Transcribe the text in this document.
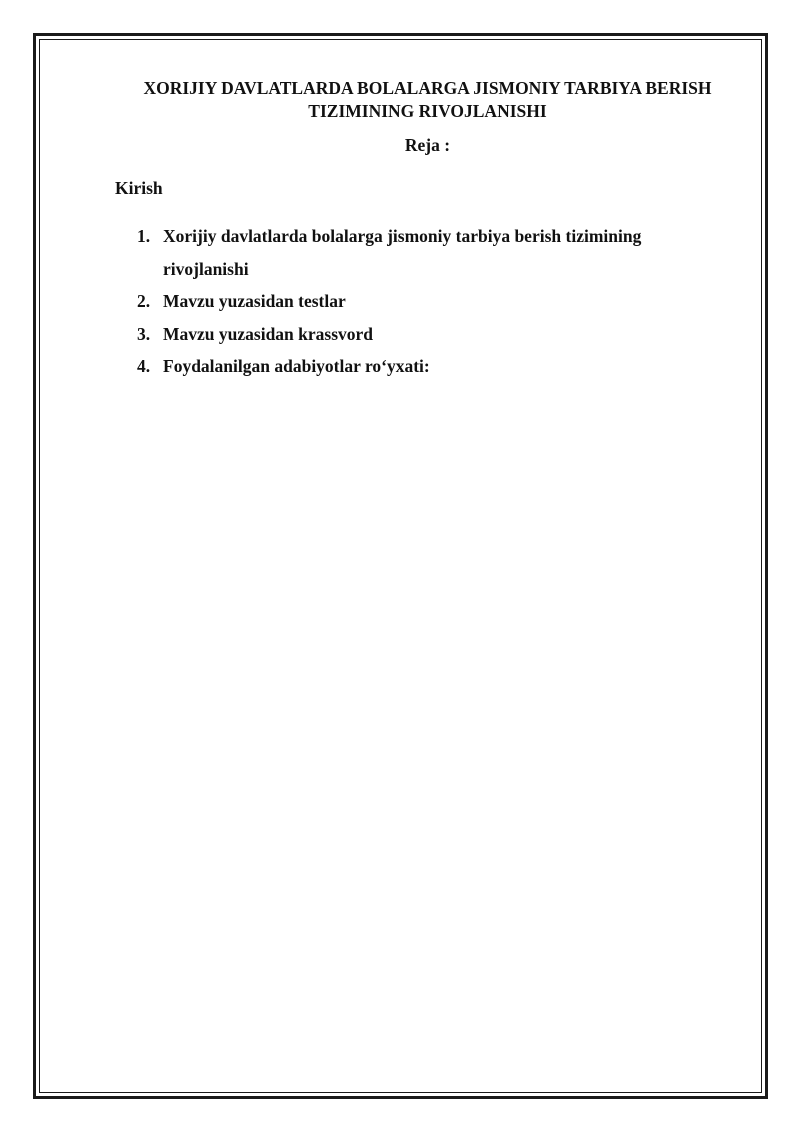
XORIJIY DAVLATLARDA BOLALARGA JISMONIY TARBIYA BERISH
TIZIMINING RIVOJLANISHI

Reja :

Kirish

1. Xorijiy davlatlarda bolalarga jismoniy tarbiya berish tizimining rivojlanishi
2. Mavzu yuzasidan testlar
3. Mavzu yuzasidan krassvord
4. Foydalanilgan adabiyotlar ro‘yxati:
